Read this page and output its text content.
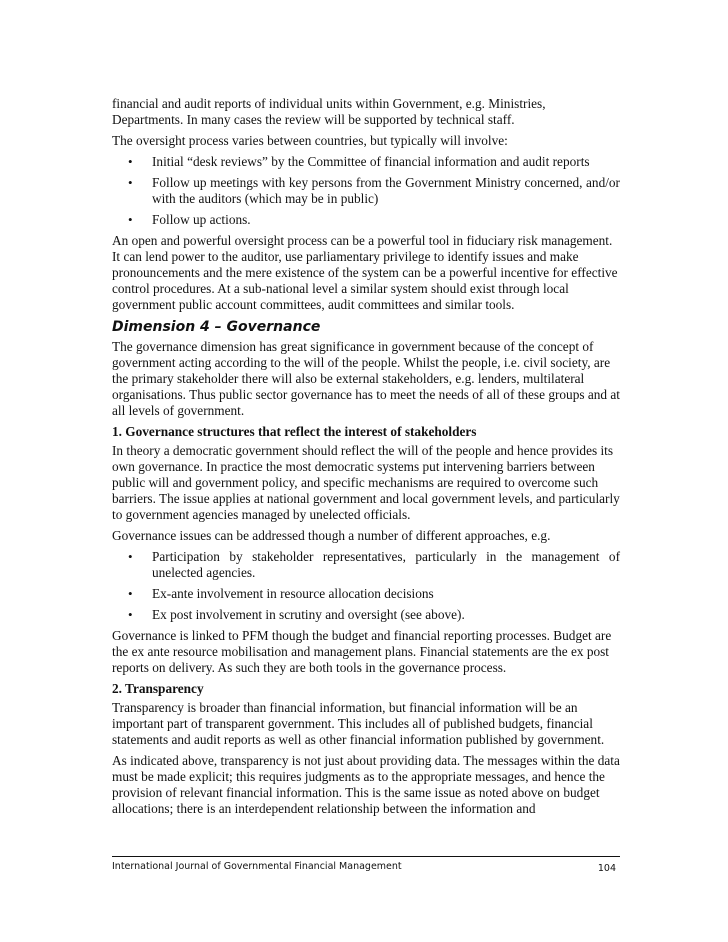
financial and audit reports of individual units within Government, e.g. Ministries, Departments. In many cases the review will be supported by technical staff.

The oversight process varies between countries, but typically will involve:

• Initial “desk reviews” by the Committee of financial information and audit reports
• Follow up meetings with key persons from the Government Ministry concerned, and/or with the auditors (which may be in public)
• Follow up actions.

An open and powerful oversight process can be a powerful tool in fiduciary risk management. It can lend power to the auditor, use parliamentary privilege to identify issues and make pronouncements and the mere existence of the system can be a powerful incentive for effective control procedures. At a sub-national level a similar system should exist through local government public account committees, audit committees and similar tools.

Dimension 4 – Governance

The governance dimension has great significance in government because of the concept of government acting according to the will of the people. Whilst the people, i.e. civil society, are the primary stakeholder there will also be external stakeholders, e.g. lenders, multilateral organisations. Thus public sector governance has to meet the needs of all of these groups and at all levels of government.

1. Governance structures that reflect the interest of stakeholders

In theory a democratic government should reflect the will of the people and hence provides its own governance. In practice the most democratic systems put intervening barriers between public will and government policy, and specific mechanisms are required to overcome such barriers. The issue applies at national government and local government levels, and particularly to government agencies managed by unelected officials.

Governance issues can be addressed though a number of different approaches, e.g.

• Participation by stakeholder representatives, particularly in the management of unelected agencies.
• Ex-ante involvement in resource allocation decisions
• Ex post involvement in scrutiny and oversight (see above).

Governance is linked to PFM though the budget and financial reporting processes. Budget are the ex ante resource mobilisation and management plans. Financial statements are the ex post reports on delivery. As such they are both tools in the governance process.

2. Transparency

Transparency is broader than financial information, but financial information will be an important part of transparent government. This includes all of published budgets, financial statements and audit reports as well as other financial information published by government.

As indicated above, transparency is not just about providing data. The messages within the data must be made explicit; this requires judgments as to the appropriate messages, and hence the provision of relevant financial information. This is the same issue as noted above on budget allocations; there is an interdependent relationship between the information and

International Journal of Governmental Financial Management	104
